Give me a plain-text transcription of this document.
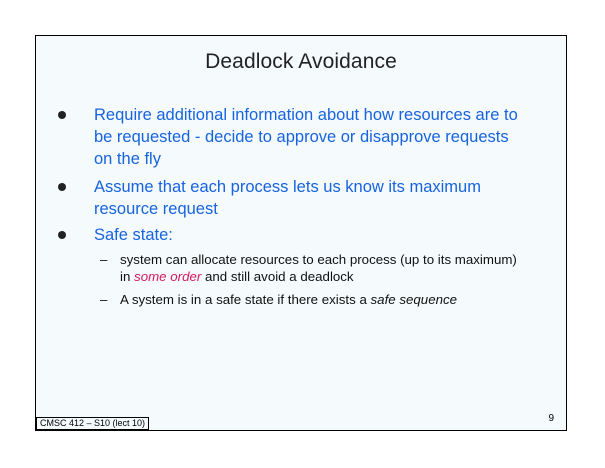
Deadlock Avoidance
Require additional information about how resources are to be requested - decide to approve or disapprove requests on the fly
Assume that each process lets us know its maximum resource request
Safe state:
– system can allocate resources to each process (up to its maximum) in some order and still avoid a deadlock
– A system is in a safe state if there exists a safe sequence
CMSC 412 – S10 (lect 10)	9
